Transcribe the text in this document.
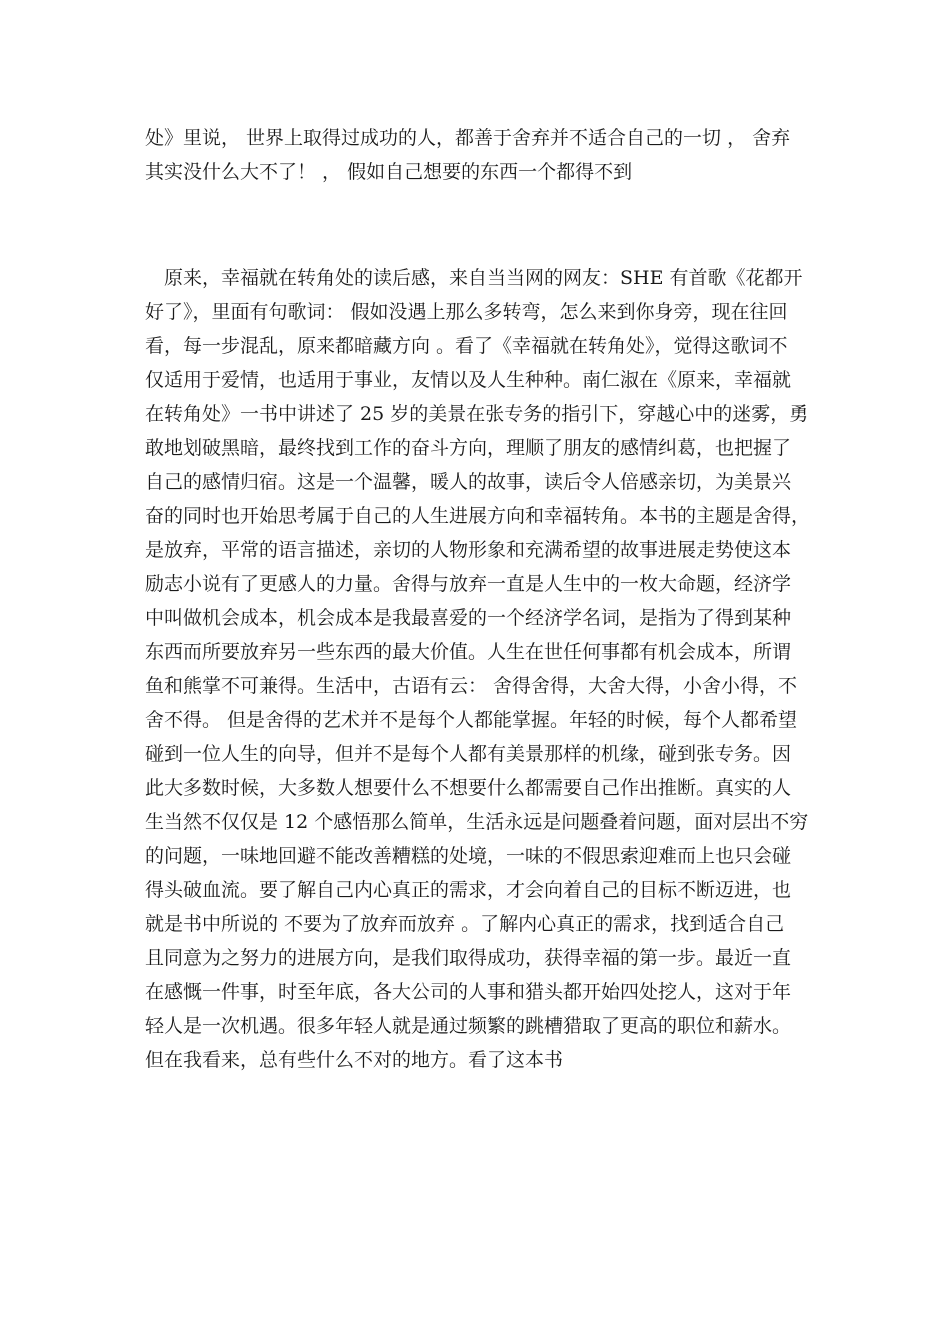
处》里说， 世界上取得过成功的人，都善于舍弃并不适合自己的一切 ， 舍弃
其实没什么大不了！ ， 假如自己想要的东西一个都得不到
原来，幸福就在转角处的读后感，来自当当网的网友：SHE 有首歌《花都开
好了》，里面有句歌词： 假如没遇上那么多转弯，怎么来到你身旁，现在往回
看，每一步混乱，原来都暗藏方向 。看了《幸福就在转角处》，觉得这歌词不
仅适用于爱情，也适用于事业，友情以及人生种种。南仁淑在《原来，幸福就
在转角处》一书中讲述了 25 岁的美景在张专务的指引下，穿越心中的迷雾，勇
敢地划破黑暗，最终找到工作的奋斗方向，理顺了朋友的感情纠葛，也把握了
自己的感情归宿。这是一个温馨，暖人的故事，读后令人倍感亲切，为美景兴
奋的同时也开始思考属于自己的人生进展方向和幸福转角。本书的主题是舍得，
是放弃，平常的语言描述，亲切的人物形象和充满希望的故事进展走势使这本
励志小说有了更感人的力量。舍得与放弃一直是人生中的一枚大命题，经济学
中叫做机会成本，机会成本是我最喜爱的一个经济学名词，是指为了得到某种
东西而所要放弃另一些东西的最大价值。人生在世任何事都有机会成本，所谓
鱼和熊掌不可兼得。生活中，古语有云： 舍得舍得，大舍大得，小舍小得，不
舍不得。 但是舍得的艺术并不是每个人都能掌握。年轻的时候，每个人都希望
碰到一位人生的向导，但并不是每个人都有美景那样的机缘，碰到张专务。因
此大多数时候，大多数人想要什么不想要什么都需要自己作出推断。真实的人
生当然不仅仅是 12 个感悟那么简单，生活永远是问题叠着问题，面对层出不穷
的问题，一味地回避不能改善糟糕的处境，一味的不假思索迎难而上也只会碰
得头破血流。要了解自己内心真正的需求，才会向着自己的目标不断迈进，也
就是书中所说的 不要为了放弃而放弃 。了解内心真正的需求，找到适合自己
且同意为之努力的进展方向，是我们取得成功，获得幸福的第一步。最近一直
在感慨一件事，时至年底，各大公司的人事和猎头都开始四处挖人，这对于年
轻人是一次机遇。很多年轻人就是通过频繁的跳槽猎取了更高的职位和薪水。
但在我看来，总有些什么不对的地方。看了这本书
